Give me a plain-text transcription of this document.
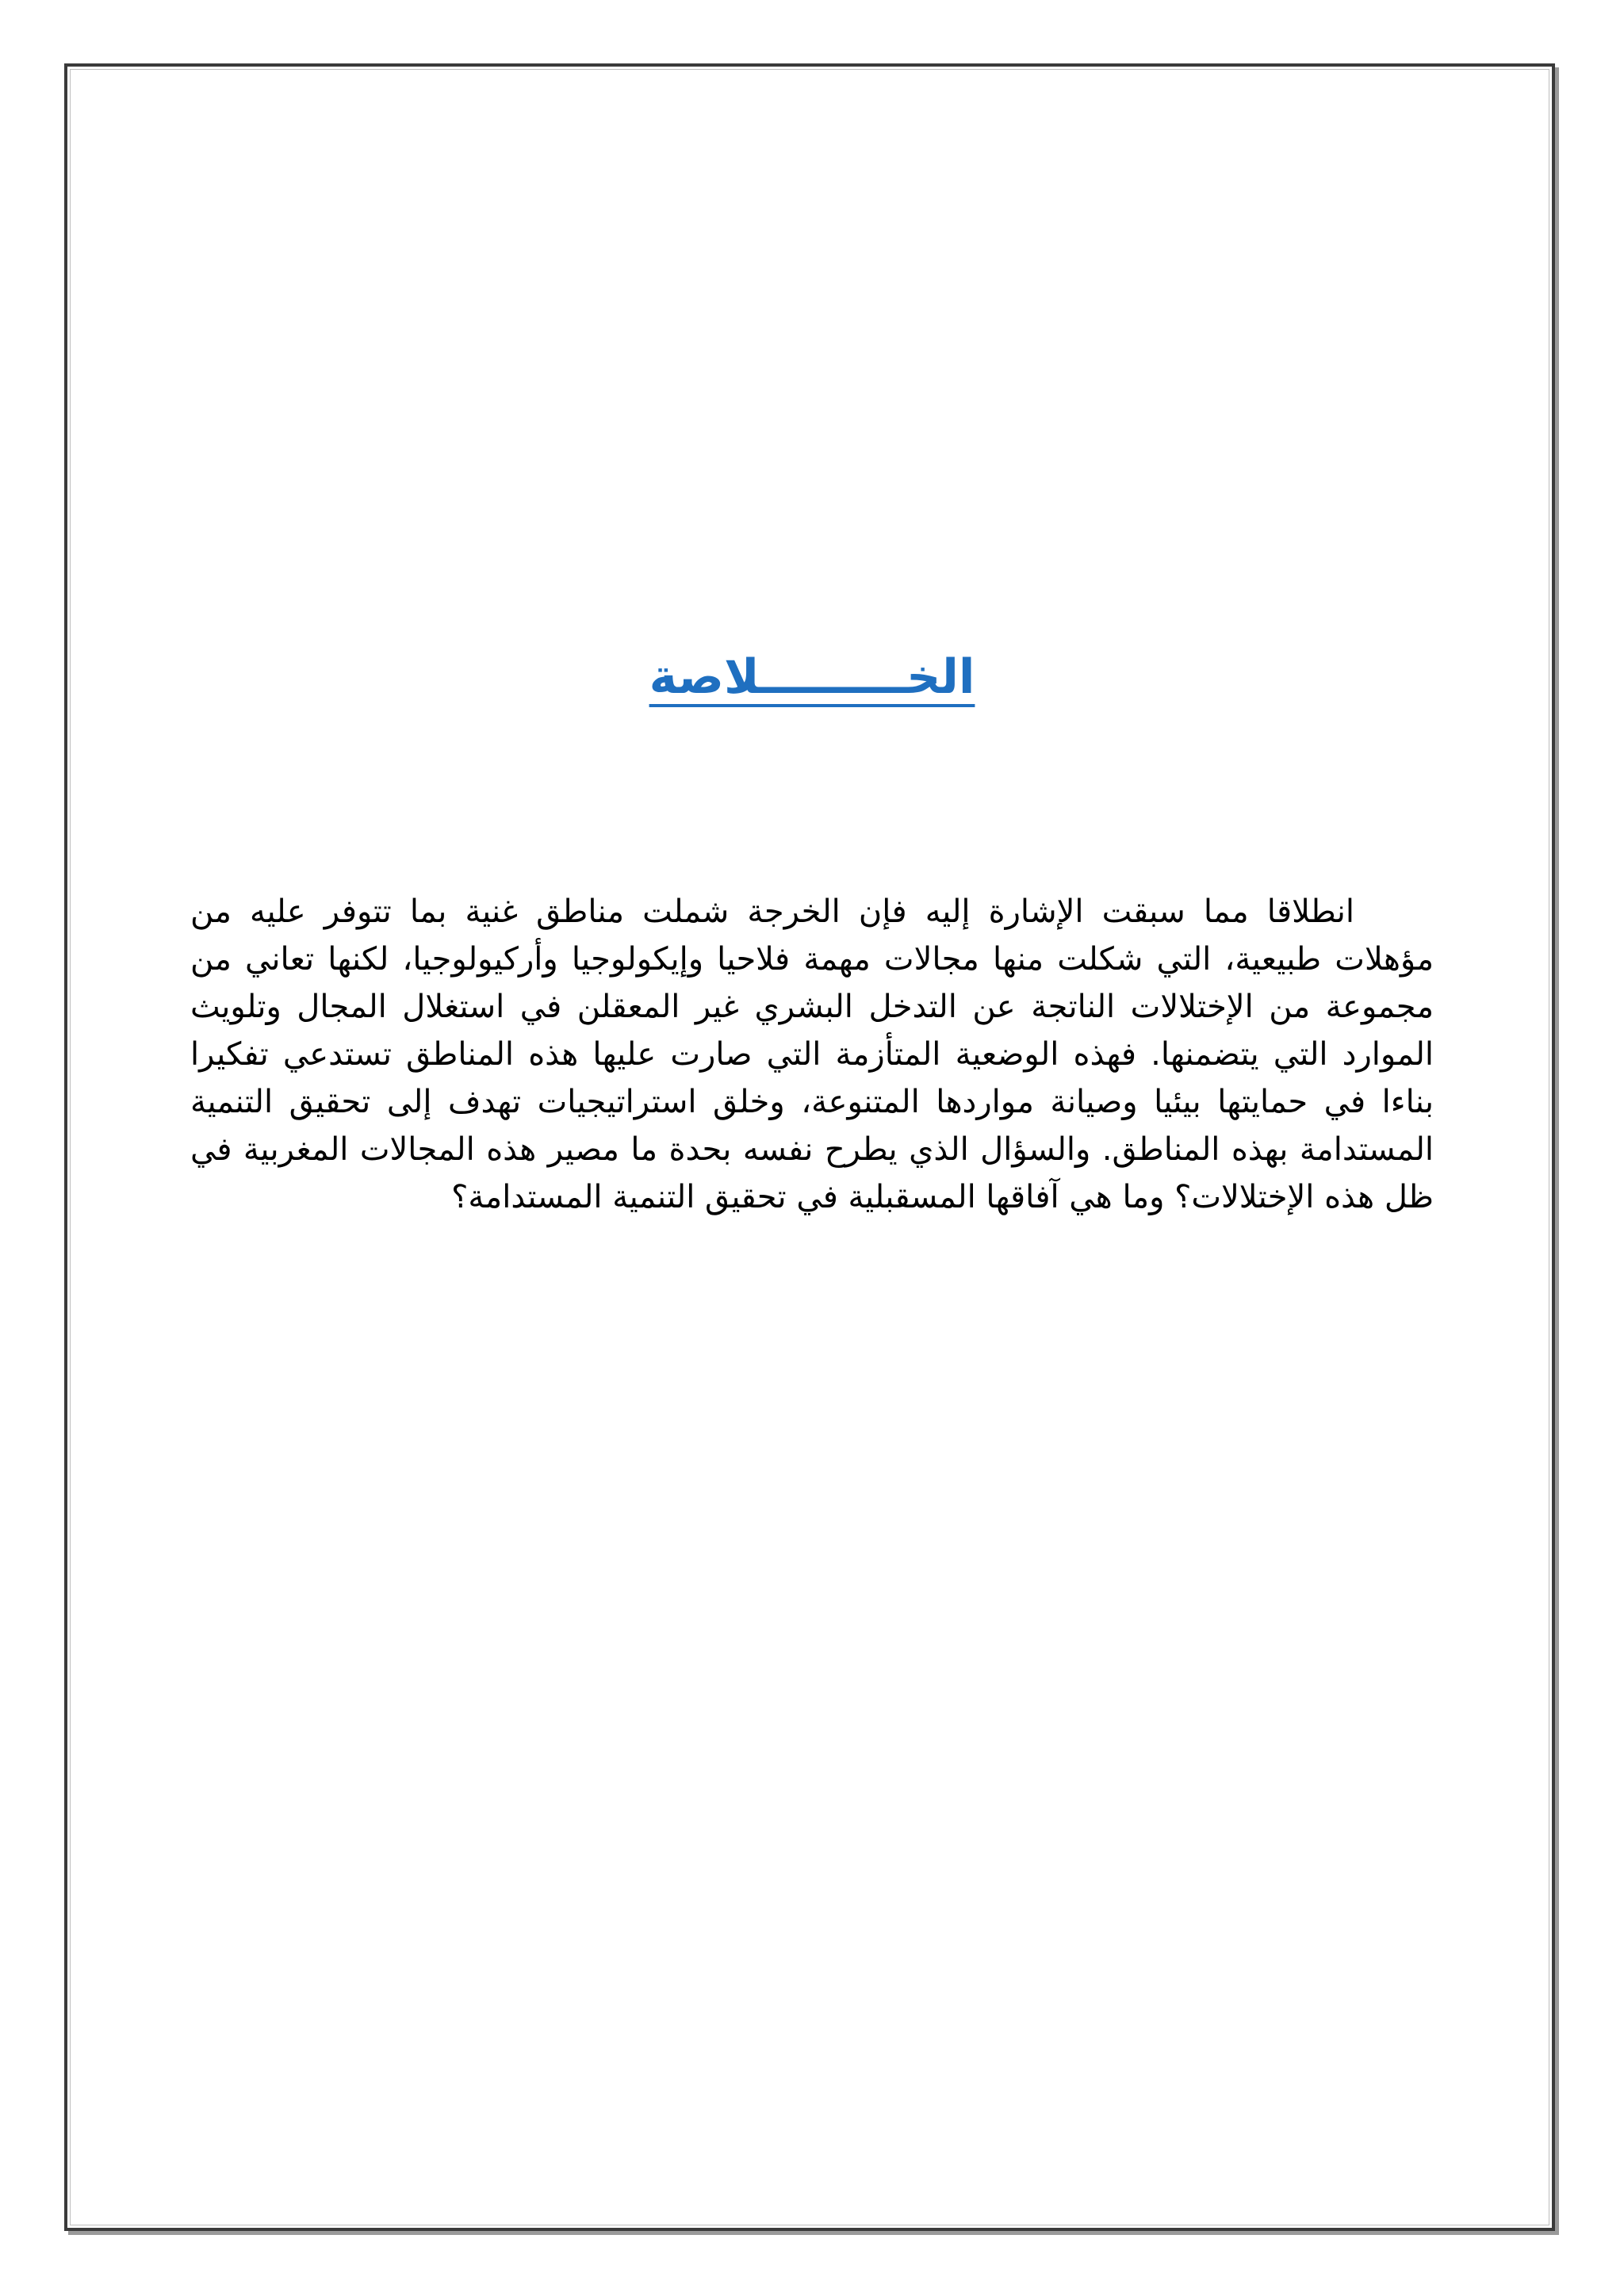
الخـــــــــلاصة

انطلاقا مما سبقت الإشارة إليه فإن الخرجة شملت مناطق غنية بما تتوفر عليه من مؤهلات طبيعية، التي شكلت منها مجالات مهمة فلاحيا وإيكولوجيا وأركيولوجيا، لكنها تعاني من مجموعة من الإختلالات الناتجة عن التدخل البشري غير المعقلن في استغلال المجال وتلويث الموارد التي يتضمنها. فهذه الوضعية المتأزمة التي صارت عليها هذه المناطق تستدعي تفكيرا بناءا في حمايتها بيئيا وصيانة مواردها المتنوعة، وخلق استراتيجيات تهدف إلى تحقيق التنمية المستدامة بهذه المناطق. والسؤال الذي يطرح نفسه بحدة ما مصير هذه المجالات المغربية في ظل هذه الإختلالات؟ وما هي آفاقها المسقبلية في تحقيق التنمية المستدامة؟
